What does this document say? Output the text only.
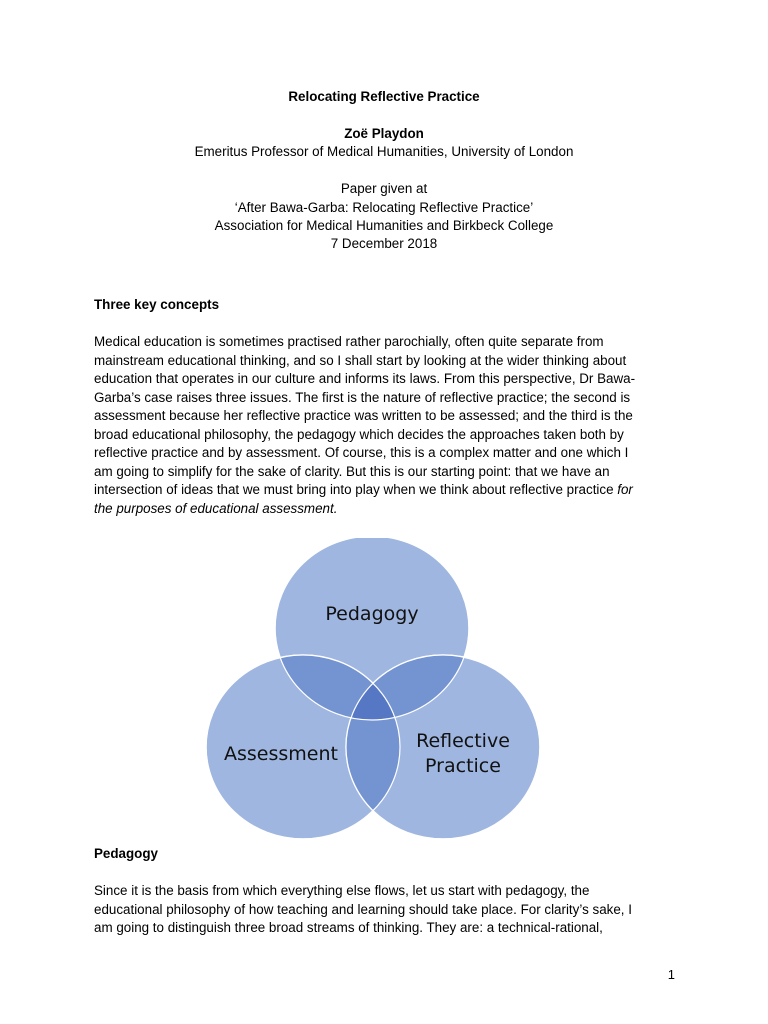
Relocating Reflective Practice

Zoë Playdon

Emeritus Professor of Medical Humanities, University of London

Paper given at

‘After Bawa-Garba: Relocating Reflective Practice’

Association for Medical Humanities and Birkbeck College

7 December 2018

Three key concepts

Medical education is sometimes practised rather parochially, often quite separate from
mainstream educational thinking, and so I shall start by looking at the wider thinking about
education that operates in our culture and informs its laws. From this perspective, Dr Bawa-
Garba’s case raises three issues. The first is the nature of reflective practice; the second is
assessment because her reflective practice was written to be assessed; and the third is the
broad educational philosophy, the pedagogy which decides the approaches taken both by
reflective practice and by assessment. Of course, this is a complex matter and one which I
am going to simplify for the sake of clarity. But this is our starting point: that we have an
intersection of ideas that we must bring into play when we think about reflective practice for
the purposes of educational assessment.
Pedagogy
Assessment
Reflective
Practice

Pedagogy

Since it is the basis from which everything else flows, let us start with pedagogy, the
educational philosophy of how teaching and learning should take place. For clarity’s sake, I
am going to distinguish three broad streams of thinking. They are: a technical-rational,
1
